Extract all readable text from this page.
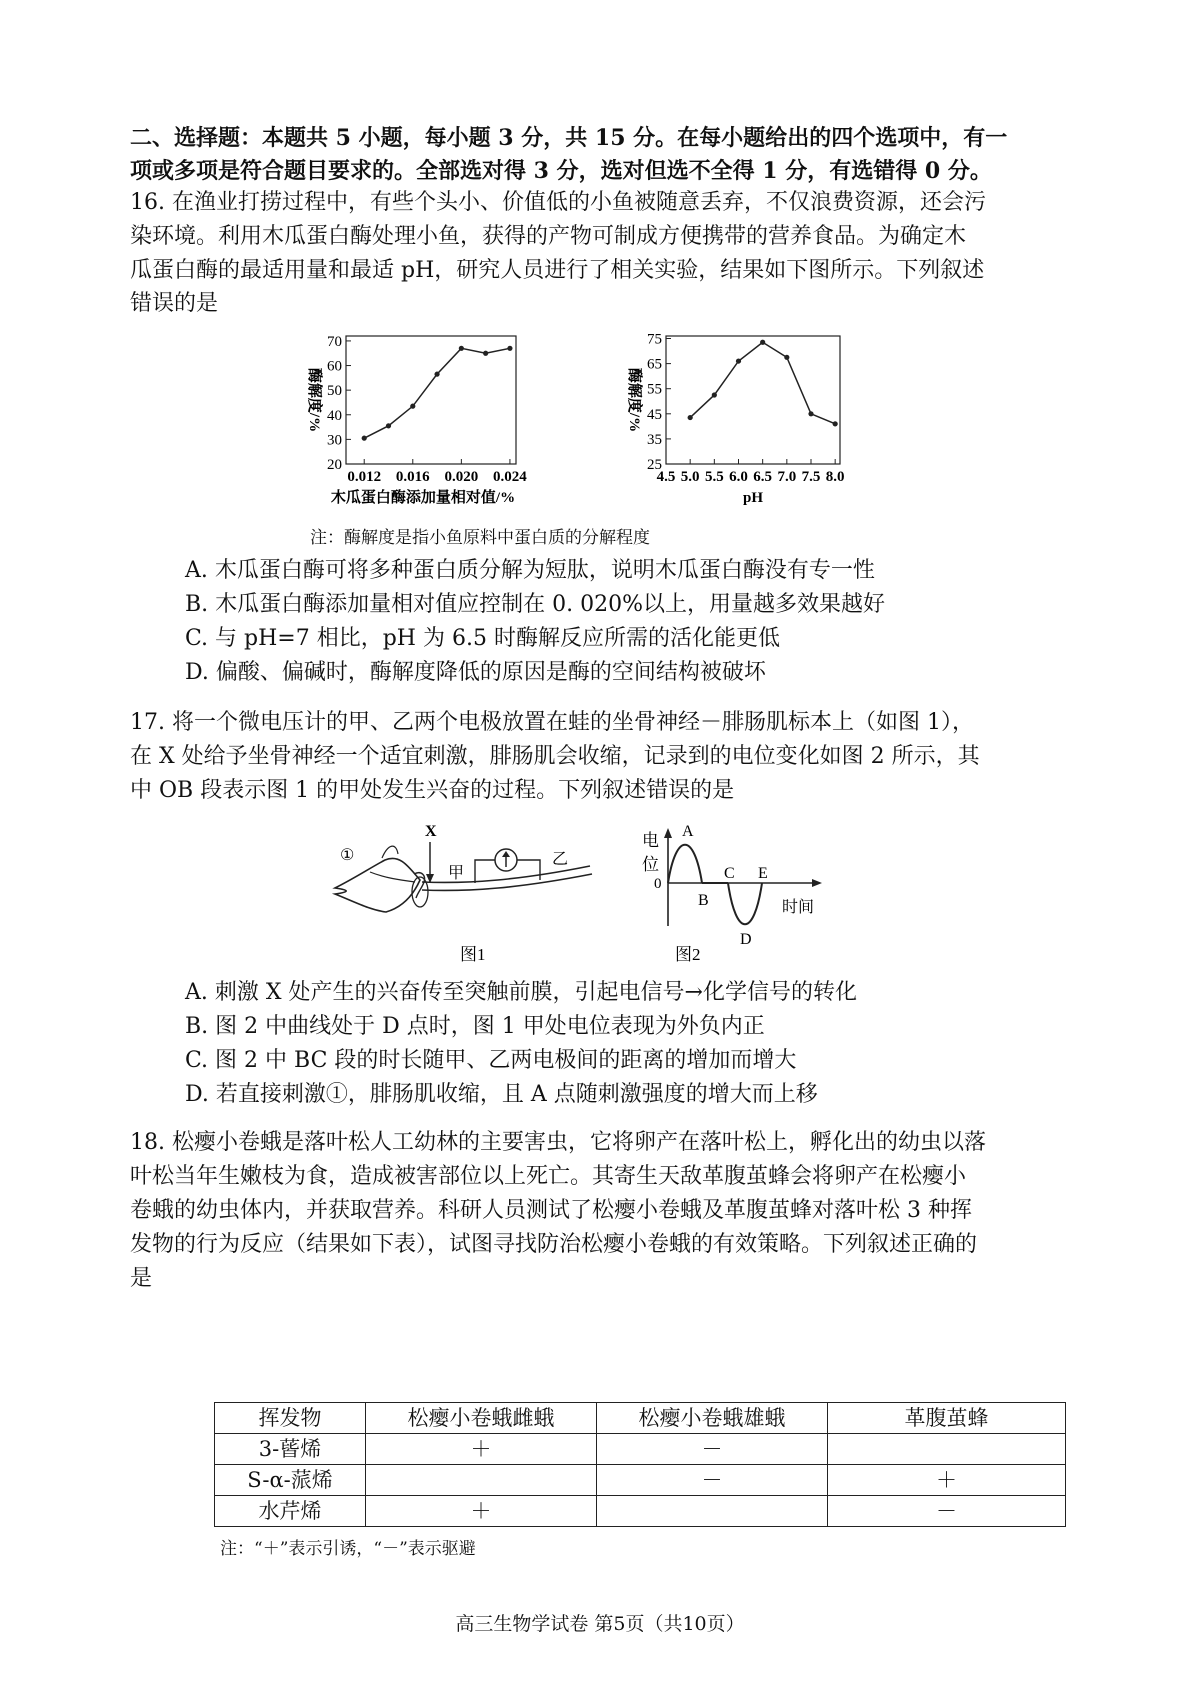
二、选择题：本题共 5 小题，每小题 3 分，共 15 分。在每小题给出的四个选项中，有一
项或多项是符合题目要求的。全部选对得 3 分，选对但选不全得 1 分，有选错得 0 分。
16. 在渔业打捞过程中，有些个头小、价值低的小鱼被随意丢弃，不仅浪费资源，还会污
染环境。利用木瓜蛋白酶处理小鱼，获得的产物可制成方便携带的营养食品。为确定木
瓜蛋白酶的最适用量和最适 pH，研究人员进行了相关实验，结果如下图所示。下列叙述
错误的是
20
30
40
50
60
70
0.012 0.016 0.020 0.024
酶解度/%
木瓜蛋白酶添加量相对值/%
25
35
45
55
65
75
4.5 5.0 5.5 6.0 6.5 7.0 7.5 8.0
酶解度/%
pH
注：酶解度是指小鱼原料中蛋白质的分解程度
A. 木瓜蛋白酶可将多种蛋白质分解为短肽，说明木瓜蛋白酶没有专一性
B. 木瓜蛋白酶添加量相对值应控制在 0. 020%以上，用量越多效果越好
C. 与 pH=7 相比，pH 为 6.5 时酶解反应所需的活化能更低
D. 偏酸、偏碱时，酶解度降低的原因是酶的空间结构被破坏
17. 将一个微电压计的甲、乙两个电极放置在蛙的坐骨神经－腓肠肌标本上（如图 1），
在 X 处给予坐骨神经一个适宜刺激，腓肠肌会收缩，记录到的电位变化如图 2 所示，其
中 OB 段表示图 1 的甲处发生兴奋的过程。下列叙述错误的是
①
X
甲
乙
图1
电
位
0
A
B
C
D
E
时间
图2
A. 刺激 X 处产生的兴奋传至突触前膜，引起电信号→化学信号的转化
B. 图 2 中曲线处于 D 点时，图 1 甲处电位表现为外负内正
C. 图 2 中 BC 段的时长随甲、乙两电极间的距离的增加而增大
D. 若直接刺激①，腓肠肌收缩，且 A 点随刺激强度的增大而上移
18. 松瘿小卷蛾是落叶松人工幼林的主要害虫，它将卵产在落叶松上，孵化出的幼虫以落
叶松当年生嫩枝为食，造成被害部位以上死亡。其寄生天敌革腹茧蜂会将卵产在松瘿小
卷蛾的幼虫体内，并获取营养。科研人员测试了松瘿小卷蛾及革腹茧蜂对落叶松 3 种挥
发物的行为反应（结果如下表），试图寻找防治松瘿小卷蛾的有效策略。下列叙述正确的
是
挥发物	松瘿小卷蛾雌蛾	松瘿小卷蛾雄蛾	革腹茧蜂
3-蒈烯	＋	－	
S-α-蒎烯		－	＋
水芹烯	＋		－
注：“＋”表示引诱，“－”表示驱避
高三生物学试卷 第5页（共10页）
